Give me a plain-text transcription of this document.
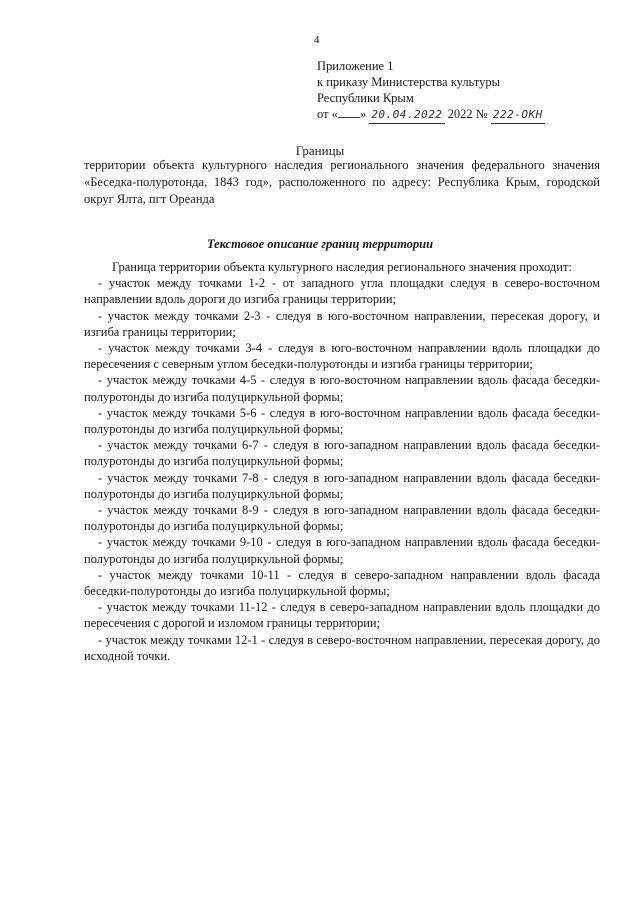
4
Приложение 1
к приказу Министерства культуры
Республики Крым
от « » 20.04.2022 2022 № 222-ОКН
Границы
территории объекта культурного наследия регионального значения федерального значения «Беседка-полуротонда, 1843 год», расположенного по адресу: Республика Крым, городской округ Ялта, пгт Ореанда
Текстовое описание границ территории
Граница территории объекта культурного наследия регионального значения проходит:
- участок между точками 1-2 - от западного угла площадки следуя в северо-восточном направлении вдоль дороги до изгиба границы территории;
- участок между точками 2-3 - следуя в юго-восточном направлении, пересекая дорогу, и изгиба границы территории;
- участок между точками 3-4 - следуя в юго-восточном направлении вдоль площадки до пересечения с северным углом беседки-полуротонды и изгиба границы территории;
- участок между точками 4-5 - следуя в юго-восточном направлении вдоль фасада беседки-полуротонды до изгиба полуциркульной формы;
- участок между точками 5-6 - следуя в юго-восточном направлении вдоль фасада беседки-полуротонды до изгиба полуциркульной формы;
- участок между точками 6-7 - следуя в юго-западном направлении вдоль фасада беседки-полуротонды до изгиба полуциркульной формы;
- участок между точками 7-8 - следуя в юго-западном направлении вдоль фасада беседки-полуротонды до изгиба полуциркульной формы;
- участок между точками 8-9 - следуя в юго-западном направлении вдоль фасада беседки-полуротонды до изгиба полуциркульной формы;
- участок между точками 9-10 - следуя в юго-западном направлении вдоль фасада беседки-полуротонды до изгиба полуциркульной формы;
- участок между точками 10-11 - следуя в северо-западном направлении вдоль фасада беседки-полуротонды до изгиба полуциркульной формы;
- участок между точками 11-12 - следуя в северо-западном направлении вдоль площадки до пересечения с дорогой и изломом границы территории;
- участок между точками 12-1 - следуя в северо-восточном направлении, пересекая дорогу, до исходной точки.
